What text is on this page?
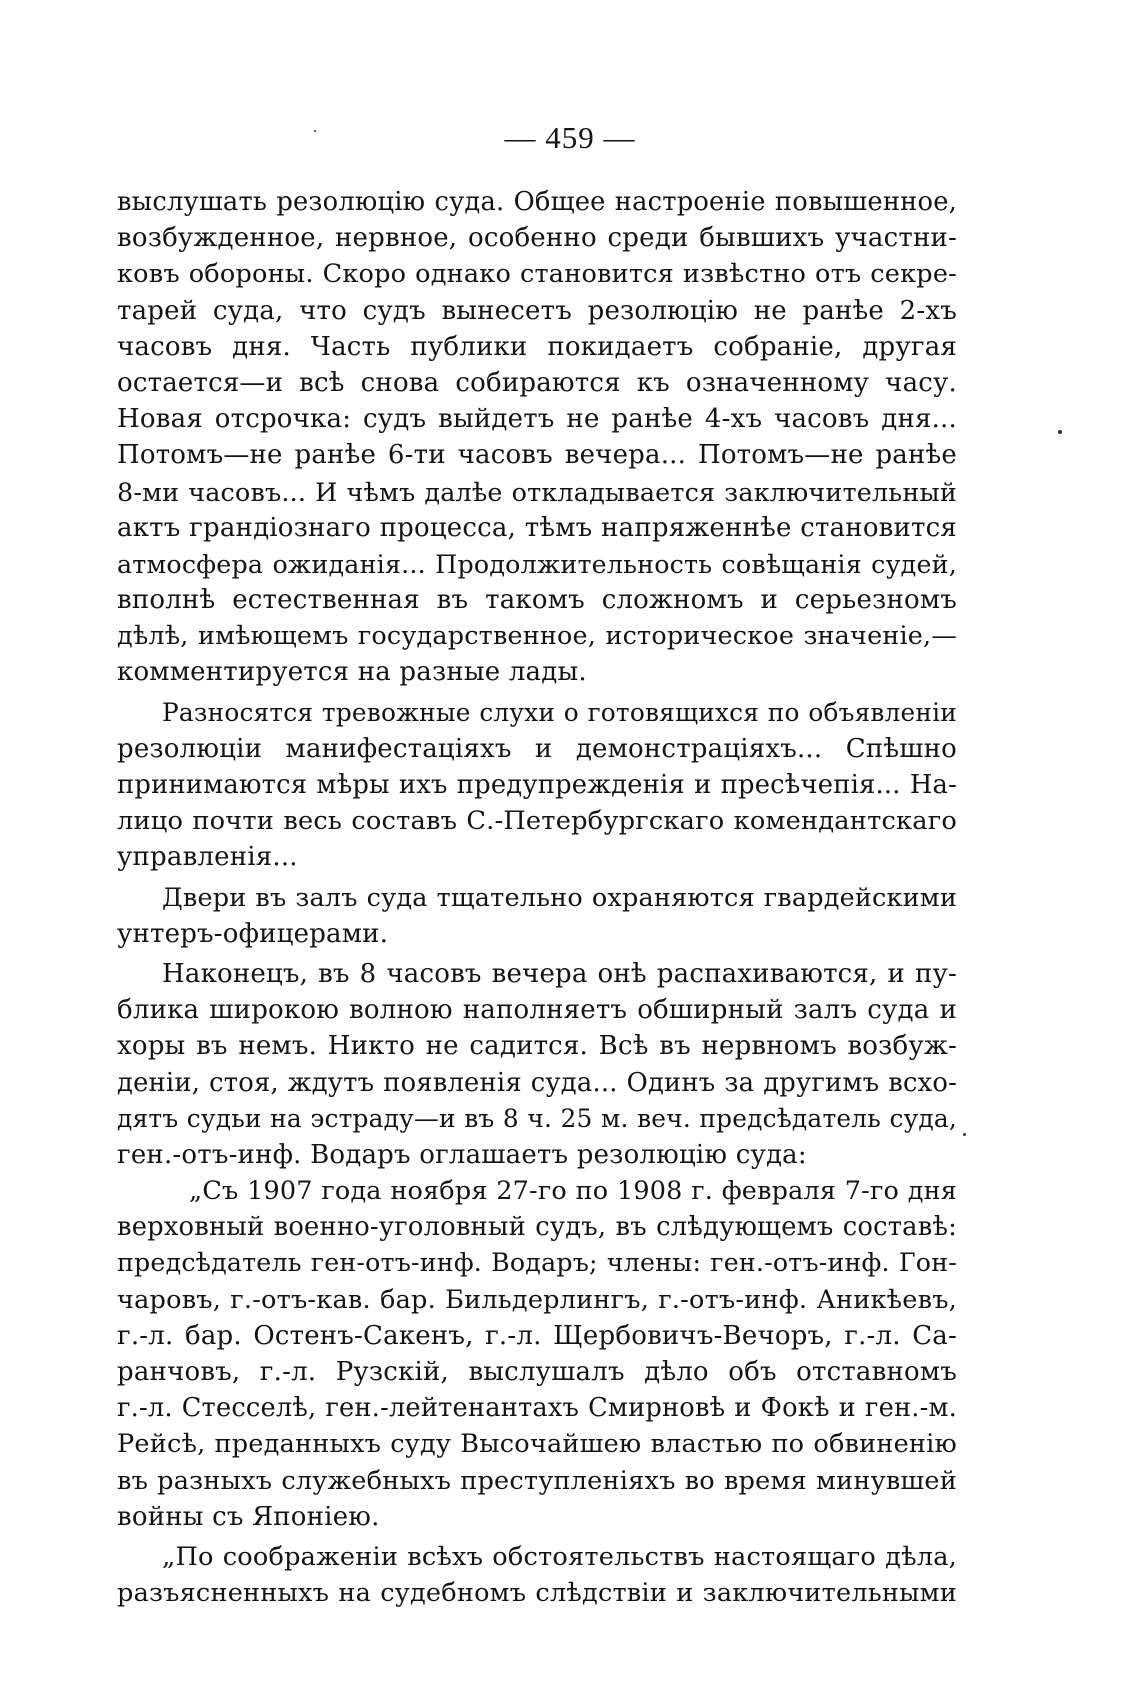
— 459 —
выслушать резолюцію суда. Общее настроеніе повышенное,
возбужденное, нервное, особенно среди бывшихъ участни-
ковъ обороны. Скоро однако становится извѣстно отъ секре-
тарей суда, что судъ вынесетъ резолюцію не ранѣе 2-хъ
часовъ дня. Часть публики покидаетъ собраніе, другая
остается—и всѣ снова собираются къ означенному часу.
Новая отсрочка: судъ выйдетъ не ранѣе 4-хъ часовъ дня...
Потомъ—не ранѣе 6-ти часовъ вечера... Потомъ—не ранѣе
8-ми часовъ... И чѣмъ далѣе откладывается заключительный
актъ грандіознаго процесса, тѣмъ напряженнѣе становится
атмосфера ожиданія... Продолжительность совѣщанія судей,
вполнѣ естественная въ такомъ сложномъ и серьезномъ
дѣлѣ, имѣющемъ государственное, историческое значеніе,—
комментируется на разные лады.
Разносятся тревожные слухи о готовящихся по объявленіи
резолюціи манифестаціяхъ и демонстраціяхъ... Спѣшно
принимаются мѣры ихъ предупрежденія и пресѣчепія... На-
лицо почти весь составъ С.-Петербургскаго комендантскаго
управленія...
Двери въ залъ суда тщательно охраняются гвардейскими
унтеръ-офицерами.
Наконецъ, въ 8 часовъ вечера онѣ распахиваются, и пу-
блика широкою волною наполняетъ обширный залъ суда и
хоры въ немъ. Никто не садится. Всѣ въ нервномъ возбуж-
деніи, стоя, ждутъ появленія суда... Одинъ за другимъ всхо-
дятъ судьи на эстраду—и въ 8 ч. 25 м. веч. предсѣдатель суда,
ген.-отъ-инф. Водаръ оглашаетъ резолюцію суда:
„Съ 1907 года ноября 27-го по 1908 г. февраля 7-го дня
верховный военно-уголовный судъ, въ слѣдующемъ составѣ:
предсѣдатель ген-отъ-инф. Водаръ; члены: ген.-отъ-инф. Гон-
чаровъ, г.-отъ-кав. бар. Бильдерлингъ, г.-отъ-инф. Аникѣевъ,
г.-л. бар. Остенъ-Сакенъ, г.-л. Щербовичъ-Вечоръ, г.-л. Са-
ранчовъ, г.-л. Рузскій, выслушалъ дѣло объ отставномъ
г.-л. Стесселѣ, ген.-лейтенантахъ Смирновѣ и Фокѣ и ген.-м.
Рейсѣ, преданныхъ суду Высочайшею властью по обвиненію
въ разныхъ служебныхъ преступленіяхъ во время минувшей
войны съ Японіею.
„По соображеніи всѣхъ обстоятельствъ настоящаго дѣла,
разъясненныхъ на судебномъ слѣдствіи и заключительными
